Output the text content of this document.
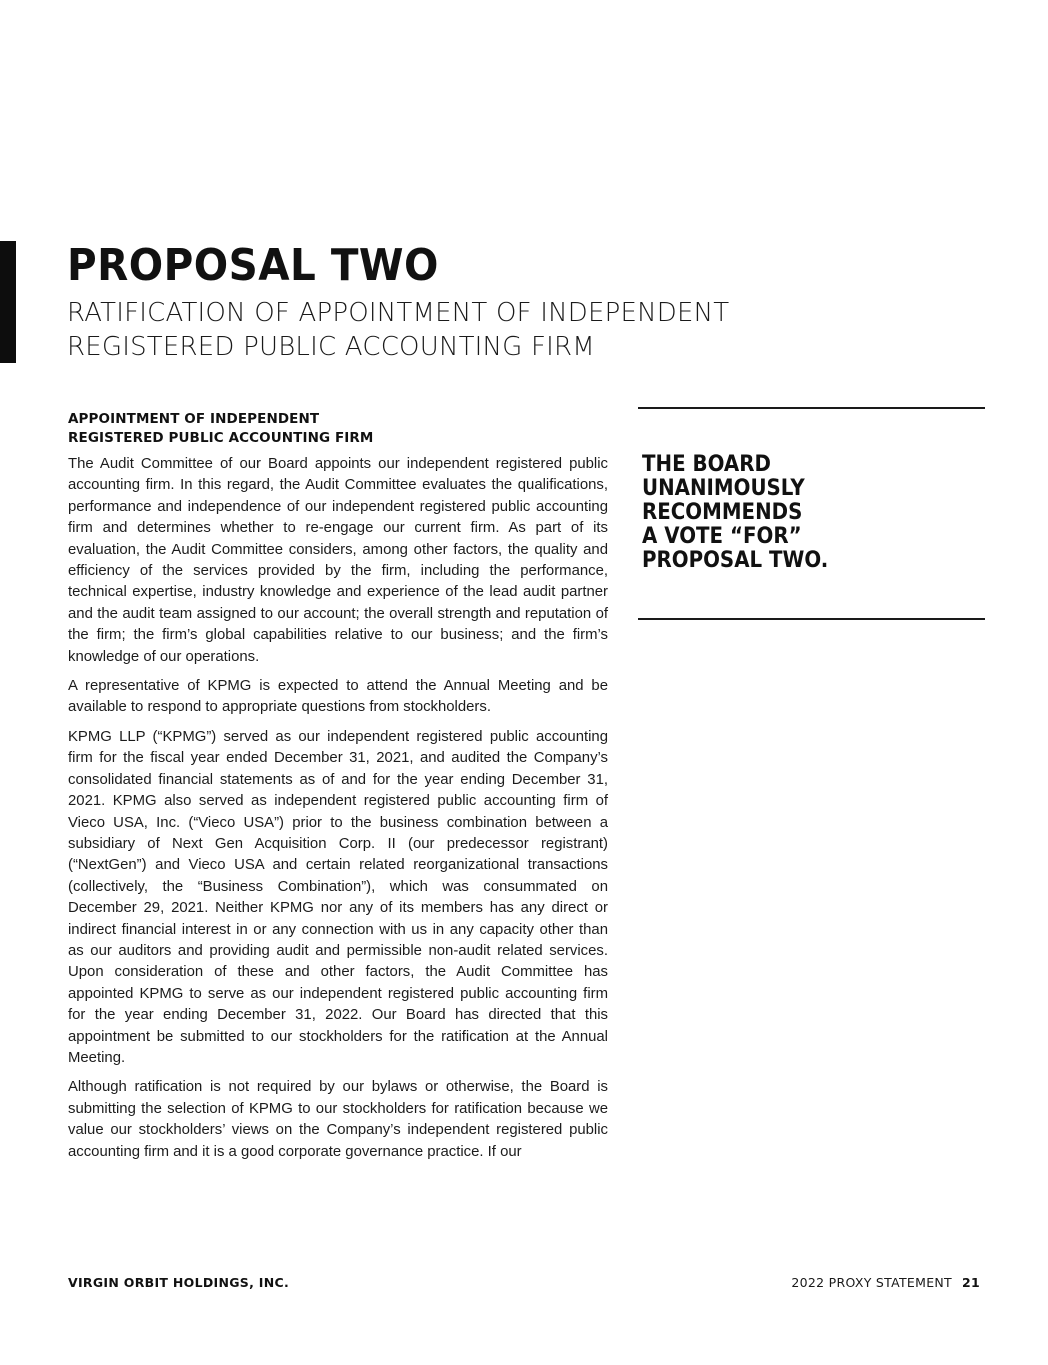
PROPOSAL TWO
RATIFICATION OF APPOINTMENT OF INDEPENDENT
REGISTERED PUBLIC ACCOUNTING FIRM
APPOINTMENT OF INDEPENDENT
REGISTERED PUBLIC ACCOUNTING FIRM

The Audit Committee of our Board appoints our independent registered public accounting firm. In this regard, the Audit Committee evaluates the qualifications, performance and independence of our independent registered public accounting firm and determines whether to re-engage our current firm. As part of its evaluation, the Audit Committee considers, among other factors, the quality and efficiency of the services provided by the firm, including the performance, technical expertise, industry knowledge and experience of the lead audit partner and the audit team assigned to our account; the overall strength and reputation of the firm; the firm’s global capabilities relative to our business; and the firm’s knowledge of our operations.

A representative of KPMG is expected to attend the Annual Meeting and be available to respond to appropriate questions from stockholders.

KPMG LLP (“KPMG”) served as our independent registered public accounting firm for the fiscal year ended December 31, 2021, and audited the Company’s consolidated financial statements as of and for the year ending December 31, 2021. KPMG also served as independent registered public accounting firm of Vieco USA, Inc. (“Vieco USA”) prior to the business combination between a subsidiary of Next Gen Acquisition Corp. II (our predecessor registrant) (“NextGen”) and Vieco USA and certain related reorganizational transactions (collectively, the “Business Combination”), which was consummated on December 29, 2021. Neither KPMG nor any of its members has any direct or indirect financial interest in or any connection with us in any capacity other than as our auditors and providing audit and permissible non-audit related services. Upon consideration of these and other factors, the Audit Committee has appointed KPMG to serve as our independent registered public accounting firm for the year ending December 31, 2022. Our Board has directed that this appointment be submitted to our stockholders for the ratification at the Annual Meeting.

Although ratification is not required by our bylaws or otherwise, the Board is submitting the selection of KPMG to our stockholders for ratification because we value our stockholders’ views on the Company’s independent registered public accounting firm and it is a good corporate governance practice. If our

THE BOARD
UNANIMOUSLY
RECOMMENDS
A VOTE “FOR”
PROPOSAL TWO.

VIRGIN ORBIT HOLDINGS, INC.	2022 PROXY STATEMENT 21
